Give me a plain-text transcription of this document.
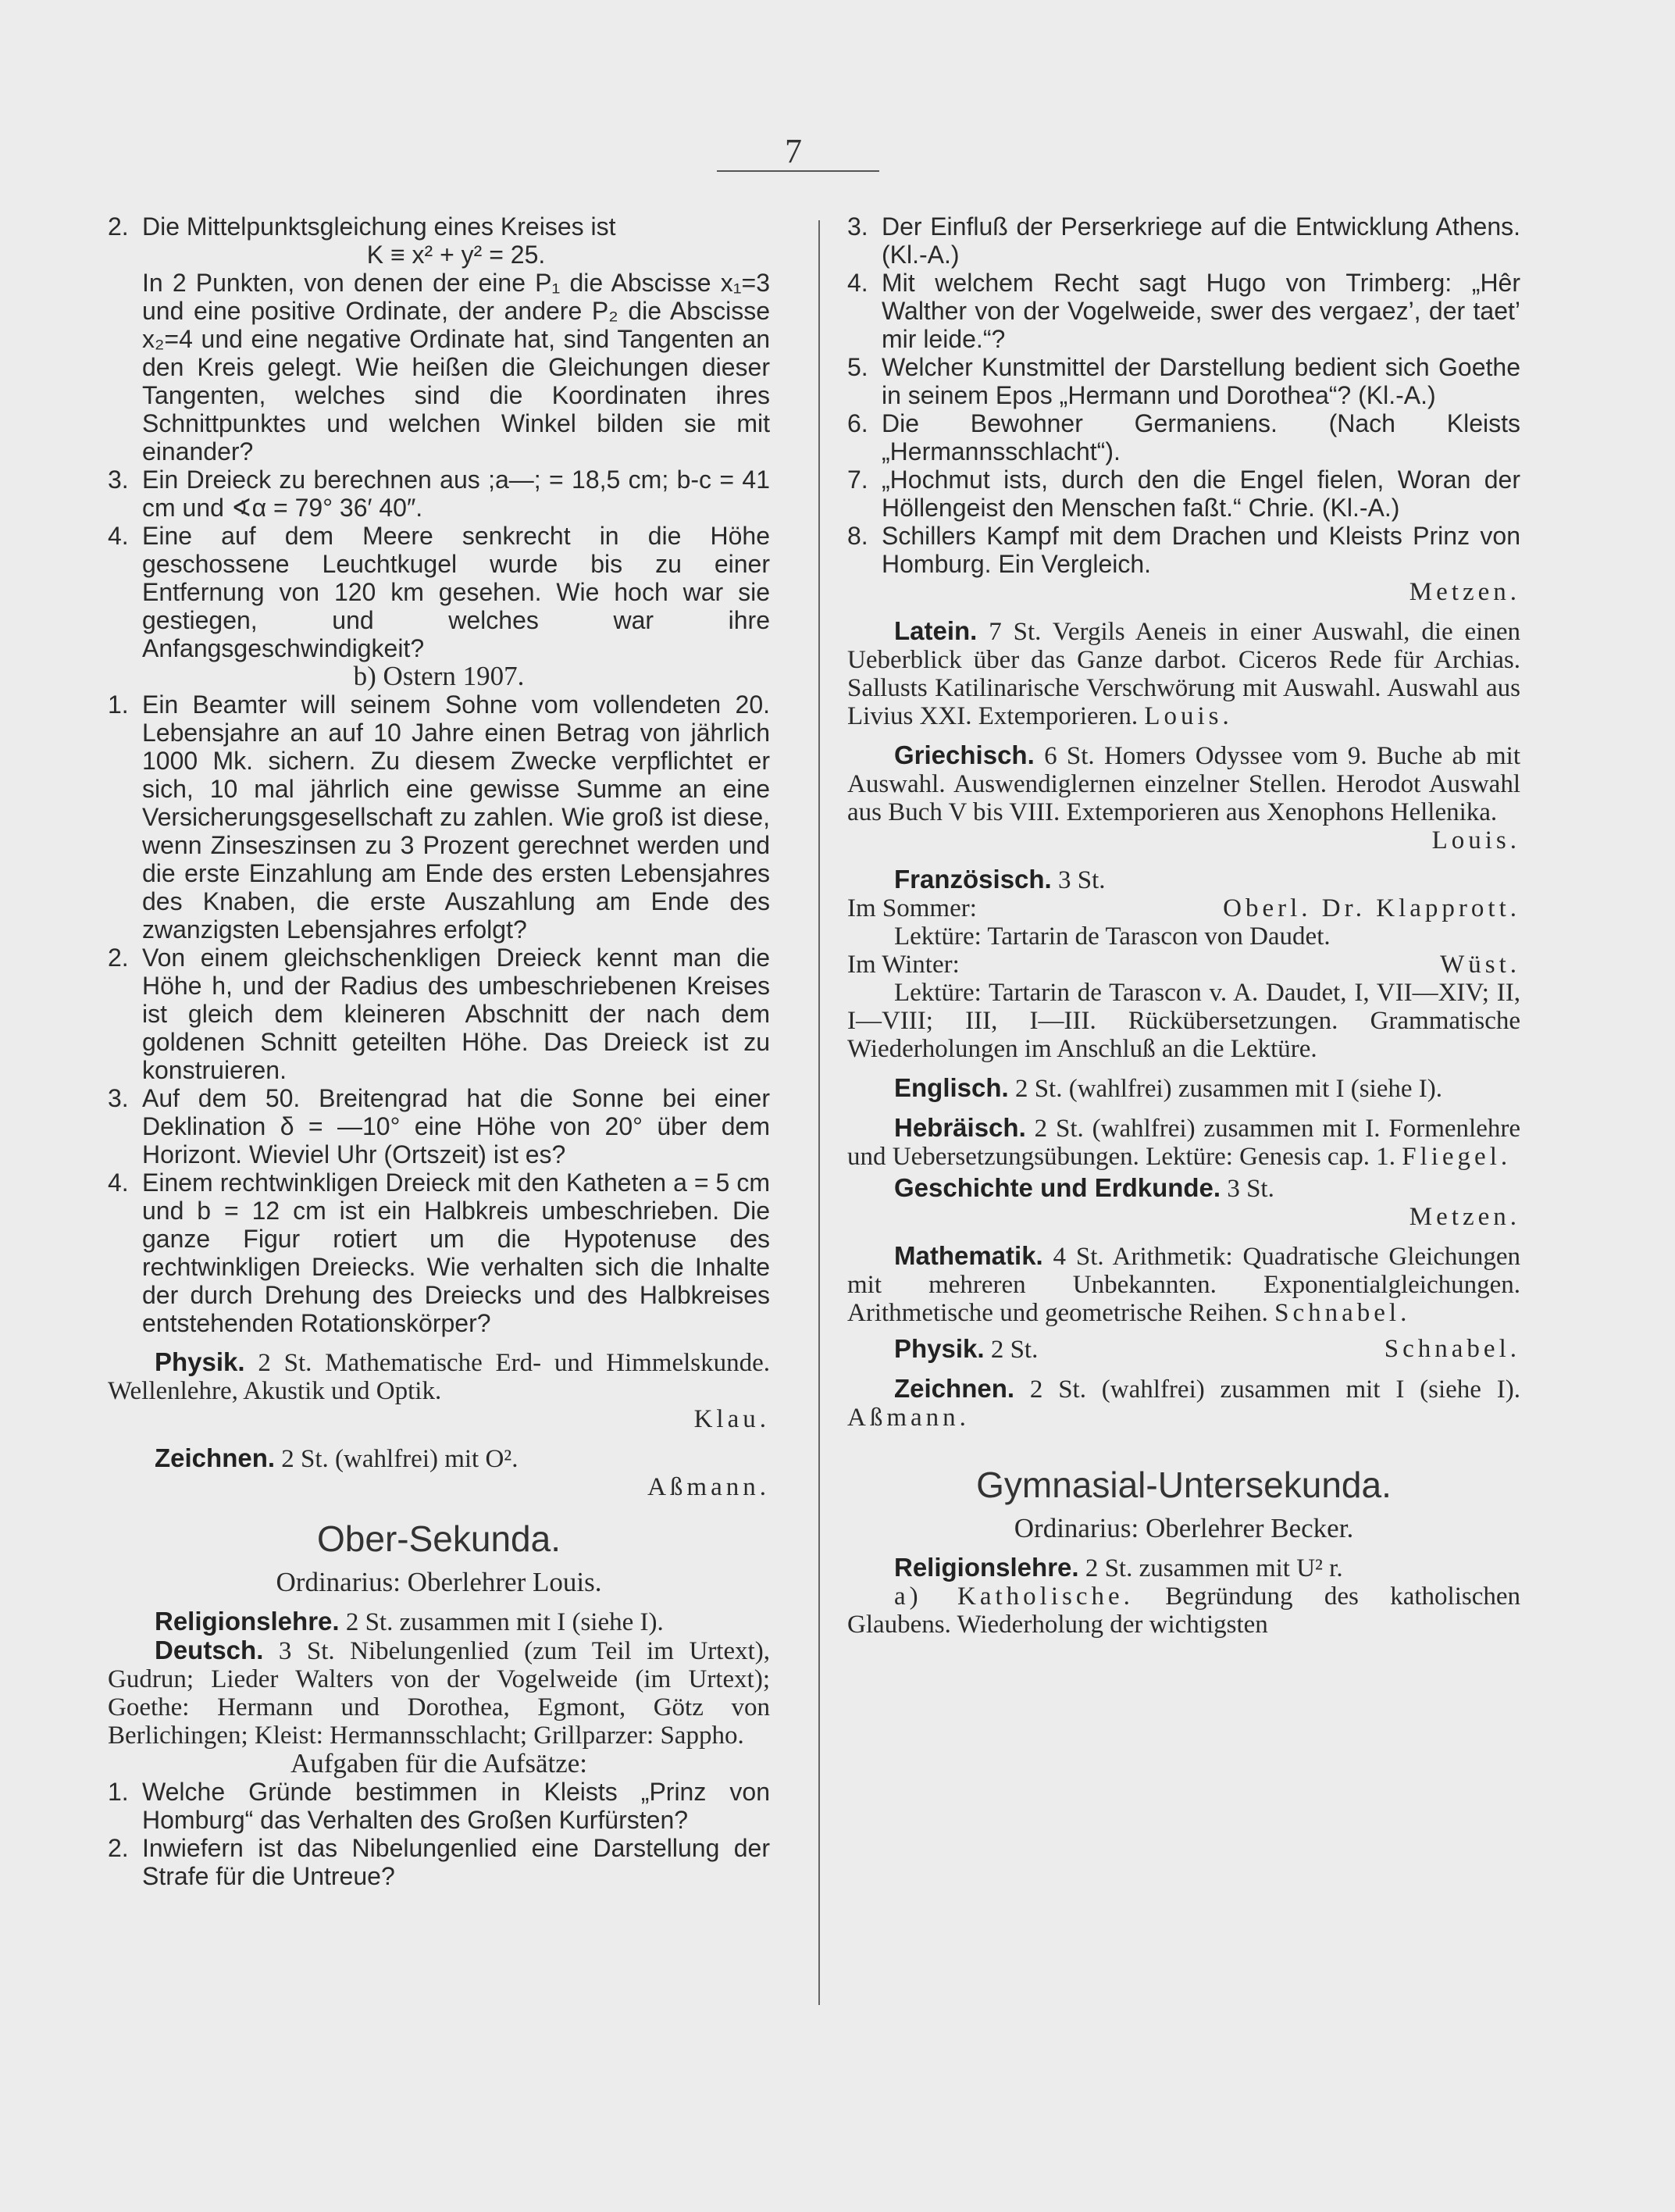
7
2. Die Mittelpunktsgleichung eines Kreises ist

K ≡ x² + y² = 25.

In 2 Punkten, von denen der eine P₁ die Abscisse x₁=3 und eine positive Ordinate, der andere P₂ die Abscisse x₂=4 und eine negative Ordinate hat, sind Tangenten an den Kreis gelegt. Wie heißen die Gleichungen dieser Tangenten, welches sind die Koordinaten ihres Schnittpunktes und welchen Winkel bilden sie mit einander?

3. Ein Dreieck zu berechnen aus ;a—; = 18,5 cm; b-c = 41 cm und ∢α = 79° 36′ 40″.

4. Eine auf dem Meere senkrecht in die Höhe geschossene Leuchtkugel wurde bis zu einer Entfernung von 120 km gesehen. Wie hoch war sie gestiegen, und welches war ihre Anfangsgeschwindigkeit?

b) Ostern 1907.

1. Ein Beamter will seinem Sohne vom vollendeten 20. Lebensjahre an auf 10 Jahre einen Betrag von jährlich 1000 Mk. sichern. Zu diesem Zwecke verpflichtet er sich, 10 mal jährlich eine gewisse Summe an eine Versicherungsgesellschaft zu zahlen. Wie groß ist diese, wenn Zinseszinsen zu 3 Prozent gerechnet werden und die erste Einzahlung am Ende des ersten Lebensjahres des Knaben, die erste Auszahlung am Ende des zwanzigsten Lebensjahres erfolgt?

2. Von einem gleichschenkligen Dreieck kennt man die Höhe h, und der Radius des umbeschriebenen Kreises ist gleich dem kleineren Abschnitt der nach dem goldenen Schnitt geteilten Höhe. Das Dreieck ist zu konstruieren.

3. Auf dem 50. Breitengrad hat die Sonne bei einer Deklination δ = —10° eine Höhe von 20° über dem Horizont. Wieviel Uhr (Ortszeit) ist es?

4. Einem rechtwinkligen Dreieck mit den Katheten a = 5 cm und b = 12 cm ist ein Halbkreis umbeschrieben. Die ganze Figur rotiert um die Hypotenuse des rechtwinkligen Dreiecks. Wie verhalten sich die Inhalte der durch Drehung des Dreiecks und des Halbkreises entstehenden Rotationskörper?

Physik. 2 St. Mathematische Erd- und Himmelskunde. Wellenlehre, Akustik und Optik.

Klau.

Zeichnen. 2 St. (wahlfrei) mit O².

Aßmann.

Ober-Sekunda.

Ordinarius: Oberlehrer Louis.

Religionslehre. 2 St. zusammen mit I (siehe I).

Deutsch. 3 St. Nibelungenlied (zum Teil im Urtext), Gudrun; Lieder Walters von der Vogelweide (im Urtext); Goethe: Hermann und Dorothea, Egmont, Götz von Berlichingen; Kleist: Hermannsschlacht; Grillparzer: Sappho.

Aufgaben für die Aufsätze:

1. Welche Gründe bestimmen in Kleists „Prinz von Homburg“ das Verhalten des Großen Kurfürsten?

2. Inwiefern ist das Nibelungenlied eine Darstellung der Strafe für die Untreue?

3. Der Einfluß der Perserkriege auf die Entwicklung Athens. (Kl.-A.)

4. Mit welchem Recht sagt Hugo von Trimberg: „Hêr Walther von der Vogelweide, swer des vergaez’, der taet’ mir leide.“?

5. Welcher Kunstmittel der Darstellung bedient sich Goethe in seinem Epos „Hermann und Dorothea“? (Kl.-A.)

6. Die Bewohner Germaniens. (Nach Kleists „Hermannsschlacht“).

7. „Hochmut ists, durch den die Engel fielen, Woran der Höllengeist den Menschen faßt.“ Chrie. (Kl.-A.)

8. Schillers Kampf mit dem Drachen und Kleists Prinz von Homburg. Ein Vergleich.

Metzen.

Latein. 7 St. Vergils Aeneis in einer Auswahl, die einen Ueberblick über das Ganze darbot. Ciceros Rede für Archias. Sallusts Katilinarische Verschwörung mit Auswahl. Auswahl aus Livius XXI. Extemporieren. Louis.

Griechisch. 6 St. Homers Odyssee vom 9. Buche ab mit Auswahl. Auswendiglernen einzelner Stellen. Herodot Auswahl aus Buch V bis VIII. Extemporieren aus Xenophons Hellenika.

Louis.

Französisch. 3 St.

Im Sommer:	Oberl. Dr. Klapprott.

Lektüre: Tartarin de Tarascon von Daudet.

Im Winter:	Wüst.

Lektüre: Tartarin de Tarascon v. A. Daudet, I, VII—XIV; II, I—VIII; III, I—III. Rückübersetzungen. Grammatische Wiederholungen im Anschluß an die Lektüre.

Englisch. 2 St. (wahlfrei) zusammen mit I (siehe I).

Hebräisch. 2 St. (wahlfrei) zusammen mit I. Formenlehre und Uebersetzungsübungen. Lektüre: Genesis cap. 1. Fliegel.

Geschichte und Erdkunde. 3 St.

Metzen.

Mathematik. 4 St. Arithmetik: Quadratische Gleichungen mit mehreren Unbekannten. Exponentialgleichungen. Arithmetische und geometrische Reihen. Schnabel.

Physik. 2 St.	Schnabel.

Zeichnen. 2 St. (wahlfrei) zusammen mit I (siehe I). Aßmann.

Gymnasial-Untersekunda.

Ordinarius: Oberlehrer Becker.

Religionslehre. 2 St. zusammen mit U² r.

a) Katholische. Begründung des katholischen Glaubens. Wiederholung der wichtigsten
